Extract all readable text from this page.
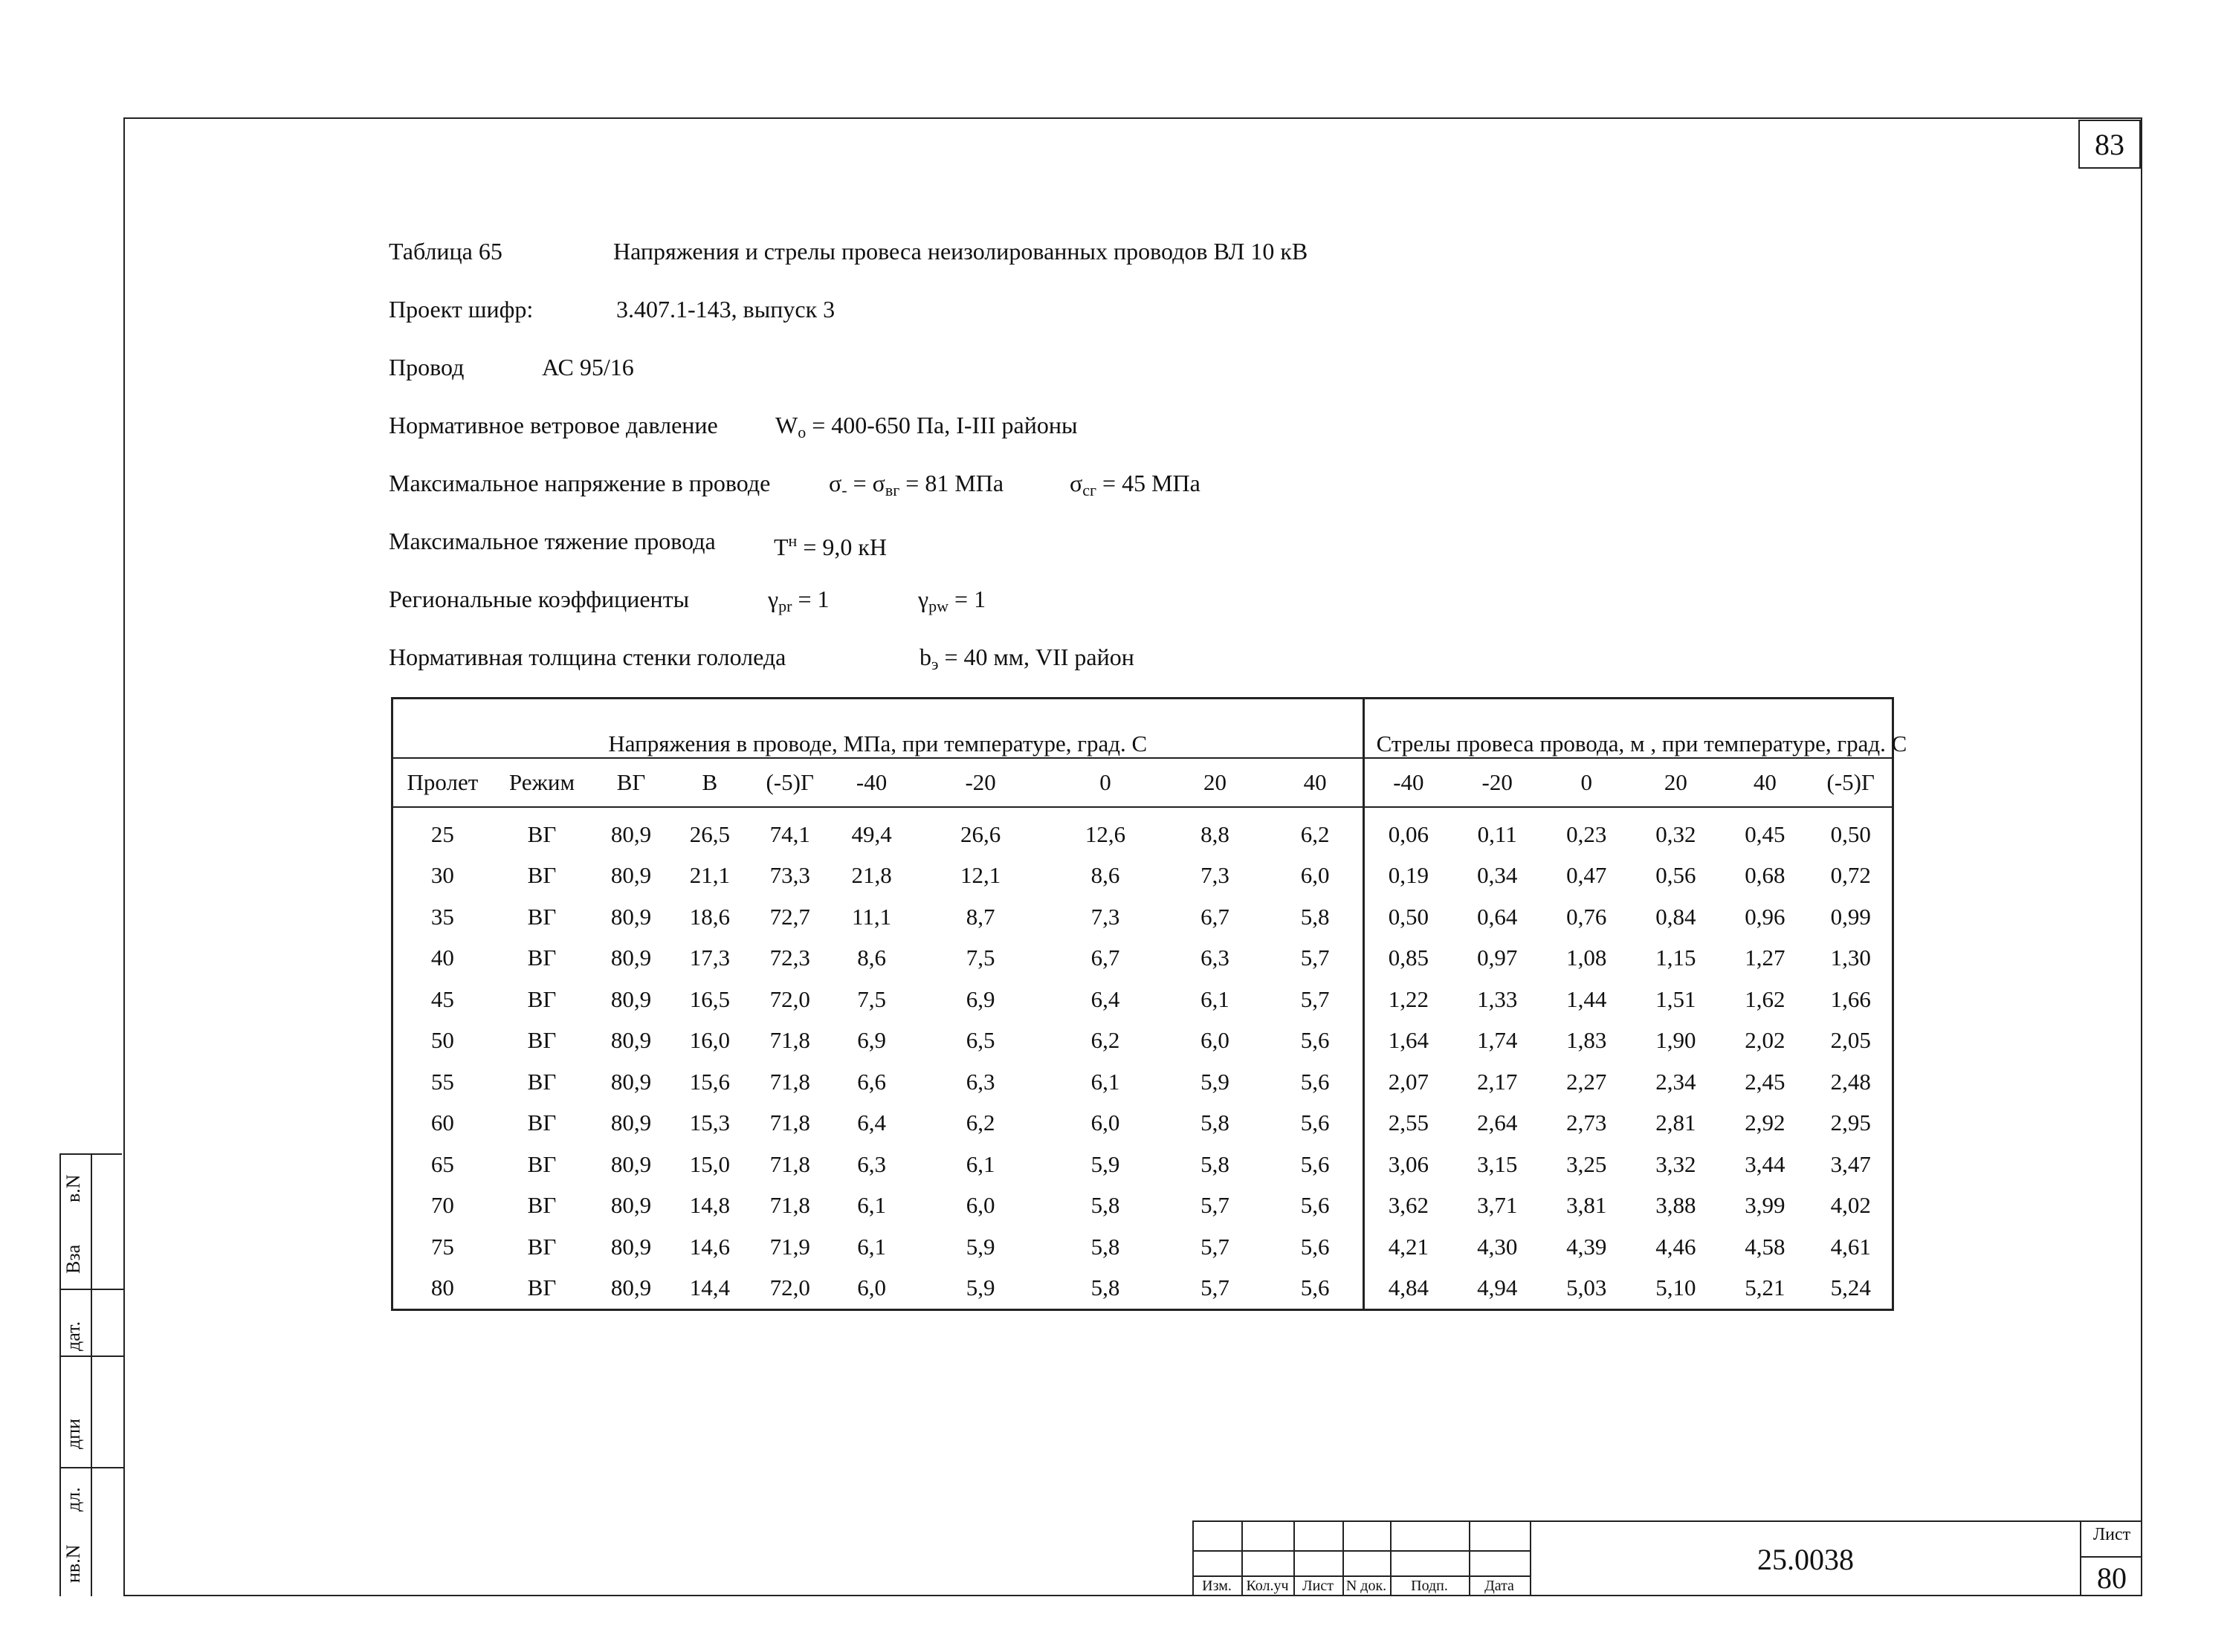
83
Таблица 65	Напряжения и стрелы провеса неизолированных проводов ВЛ 10 кВ
Проект шифр:	3.407.1-143, выпуск 3
Провод	АС 95/16
Нормативное ветровое давление $W_о = 400-650$ Па, I-III районы
Максимальное напряжение в проводе $\sigma_- = \sigma_{вг} = 81$ МПа	$\sigma_{сг} = 45$ МПа
Максимальное тяжение провода $Т^н = 9,0$ кН
Региональные коэффициенты	$\gamma_{pr} = 1$	$\gamma_{pw} = 1$
Нормативная толщина стенки гололеда	$b_э = 40$ мм, VII район
Напряжения в проводе, МПа, при температуре, град. С										Стрелы провеса провода, м , при температуре, град. С					
Пролет	Режим	ВГ	В	(-5)Г	-40	-20	0	20	40	-40	-20	0	20	40	(-5)Г
25	ВГ	80,9	26,5	74,1	49,4	26,6	12,6	8,8	6,2	0,06	0,11	0,23	0,32	0,45	0,50
30	ВГ	80,9	21,1	73,3	21,8	12,1	8,6	7,3	6,0	0,19	0,34	0,47	0,56	0,68	0,72
35	ВГ	80,9	18,6	72,7	11,1	8,7	7,3	6,7	5,8	0,50	0,64	0,76	0,84	0,96	0,99
40	ВГ	80,9	17,3	72,3	8,6	7,5	6,7	6,3	5,7	0,85	0,97	1,08	1,15	1,27	1,30
45	ВГ	80,9	16,5	72,0	7,5	6,9	6,4	6,1	5,7	1,22	1,33	1,44	1,51	1,62	1,66
50	ВГ	80,9	16,0	71,8	6,9	6,5	6,2	6,0	5,6	1,64	1,74	1,83	1,90	2,02	2,05
55	ВГ	80,9	15,6	71,8	6,6	6,3	6,1	5,9	5,6	2,07	2,17	2,27	2,34	2,45	2,48
60	ВГ	80,9	15,3	71,8	6,4	6,2	6,0	5,8	5,6	2,55	2,64	2,73	2,81	2,92	2,95
65	ВГ	80,9	15,0	71,8	6,3	6,1	5,9	5,8	5,6	3,06	3,15	3,25	3,32	3,44	3,47
70	ВГ	80,9	14,8	71,8	6,1	6,0	5,8	5,7	5,6	3,62	3,71	3,81	3,88	3,99	4,02
75	ВГ	80,9	14,6	71,9	6,1	5,9	5,8	5,7	5,6	4,21	4,30	4,39	4,46	4,58	4,61
80	ВГ	80,9	14,4	72,0	6,0	5,9	5,8	5,7	5,6	4,84	4,94	5,03	5,10	5,21	5,24
в.N
Вза
дат.
дпи
дл.
нв.N
Изм. Кол.уч Лист N док.	Подп.	Дата
25.0038
Лист
80
